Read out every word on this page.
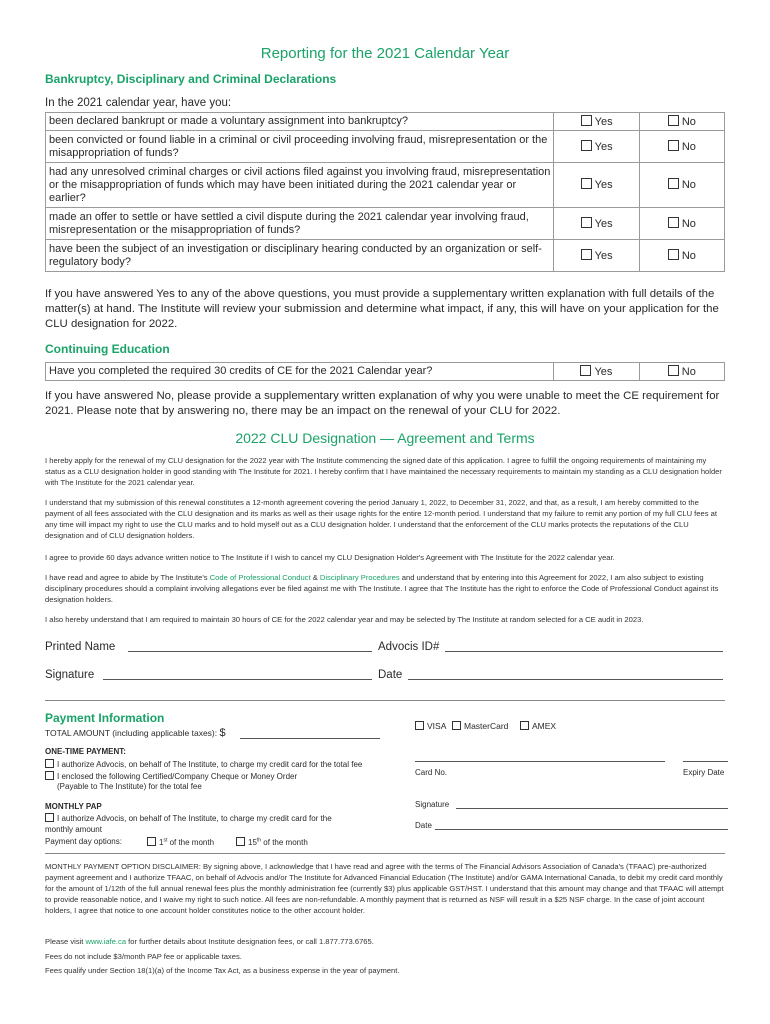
Reporting for the 2021 Calendar Year
Bankruptcy, Disciplinary and Criminal Declarations
In the 2021 calendar year, have you:
been declared bankrupt or made a voluntary assignment into bankruptcy?	Yes	No
been convicted or found liable in a criminal or civil proceeding involving fraud, misrepresentation or the misappropriation of funds?	Yes	No
had any unresolved criminal charges or civil actions filed against you involving fraud, misrepresentation or the misappropriation of funds which may have been initiated during the 2021 calendar year or earlier?	Yes	No
made an offer to settle or have settled a civil dispute during the 2021 calendar year involving fraud, misrepresentation or the misappropriation of funds?	Yes	No
have been the subject of an investigation or disciplinary hearing conducted by an organization or self-regulatory body?	Yes	No
If you have answered Yes to any of the above questions, you must provide a supplementary written explanation with full details of the matter(s) at hand. The Institute will review your submission and determine what impact, if any, this will have on your application for the CLU designation for 2022.
Continuing Education
Have you completed the required 30 credits of CE for the 2021 Calendar year?	Yes	No
If you have answered No, please provide a supplementary written explanation of why you were unable to meet the CE requirement for 2021. Please note that by answering no, there may be an impact on the renewal of your CLU for 2022.
2022 CLU Designation — Agreement and Terms
I hereby apply for the renewal of my CLU designation for the 2022 year with The Institute commencing the signed date of this application. I agree to fulfill the ongoing requirements of maintaining my status as a CLU designation holder in good standing with The Institute for 2021. I hereby confirm that I have maintained the necessary requirements to maintain my standing as a CLU designation holder with The Institute for the 2021 calendar year.
I understand that my submission of this renewal constitutes a 12-month agreement covering the period January 1, 2022, to December 31, 2022, and that, as a result, I am hereby committed to the payment of all fees associated with the CLU designation and its marks as well as their usage rights for the entire 12-month period. I understand that my failure to remit any portion of my full CLU fees at any time will impact my right to use the CLU marks and to hold myself out as a CLU designation holder. I understand that the enforcement of the CLU marks protects the reputations of the CLU designation and of CLU designation holders.
I agree to provide 60 days advance written notice to The Institute if I wish to cancel my CLU Designation Holder's Agreement with The Institute for the 2022 calendar year.
I have read and agree to abide by The Institute's Code of Professional Conduct & Disciplinary Procedures and understand that by entering into this Agreement for 2022, I am also subject to existing disciplinary procedures should a complaint involving allegations ever be filed against me with The Institute. I agree that The Institute has the right to enforce the Code of Professional Conduct against its designation holders.
I also hereby understand that I am required to maintain 30 hours of CE for the 2022 calendar year and may be selected by The Institute at random selected for a CE audit in 2023.
Printed Name	Advocis ID#
Signature	Date
Payment Information
TOTAL AMOUNT (including applicable taxes): $
VISA	MasterCard	AMEX
ONE-TIME PAYMENT:
I authorize Advocis, on behalf of The Institute, to charge my credit card for the total fee
I enclosed the following Certified/Company Cheque or Money Order
(Payable to The Institute) for the total fee
Card No.	Expiry Date
MONTHLY PAP
I authorize Advocis, on behalf of The Institute, to charge my credit card for the monthly amount
Payment day options:	1st of the month	15th of the month
Signature
Date
MONTHLY PAYMENT OPTION DISCLAIMER: By signing above, I acknowledge that I have read and agree with the terms of The Financial Advisors Association of Canada's (TFAAC) pre-authorized payment agreement and I authorize TFAAC, on behalf of Advocis and/or The Institute for Advanced Financial Education (The Institute) and/or GAMA International Canada, to debit my credit card monthly for the amount of 1/12th of the full annual renewal fees plus the monthly administration fee (currently $3) plus applicable GST/HST. I understand that this amount may change and that TFAAC will attempt to provide reasonable notice, and I waive my right to such notice. All fees are non-refundable. A monthly payment that is returned as NSF will result in a $25 NSF charge. In the case of joint account holders, I agree that notice to one account holder constitutes notice to the other account holder.
Please visit www.iafe.ca for further details about Institute designation fees, or call 1.877.773.6765.
Fees do not include $3/month PAP fee or applicable taxes.
Fees qualify under Section 18(1)(a) of the Income Tax Act, as a business expense in the year of payment.
